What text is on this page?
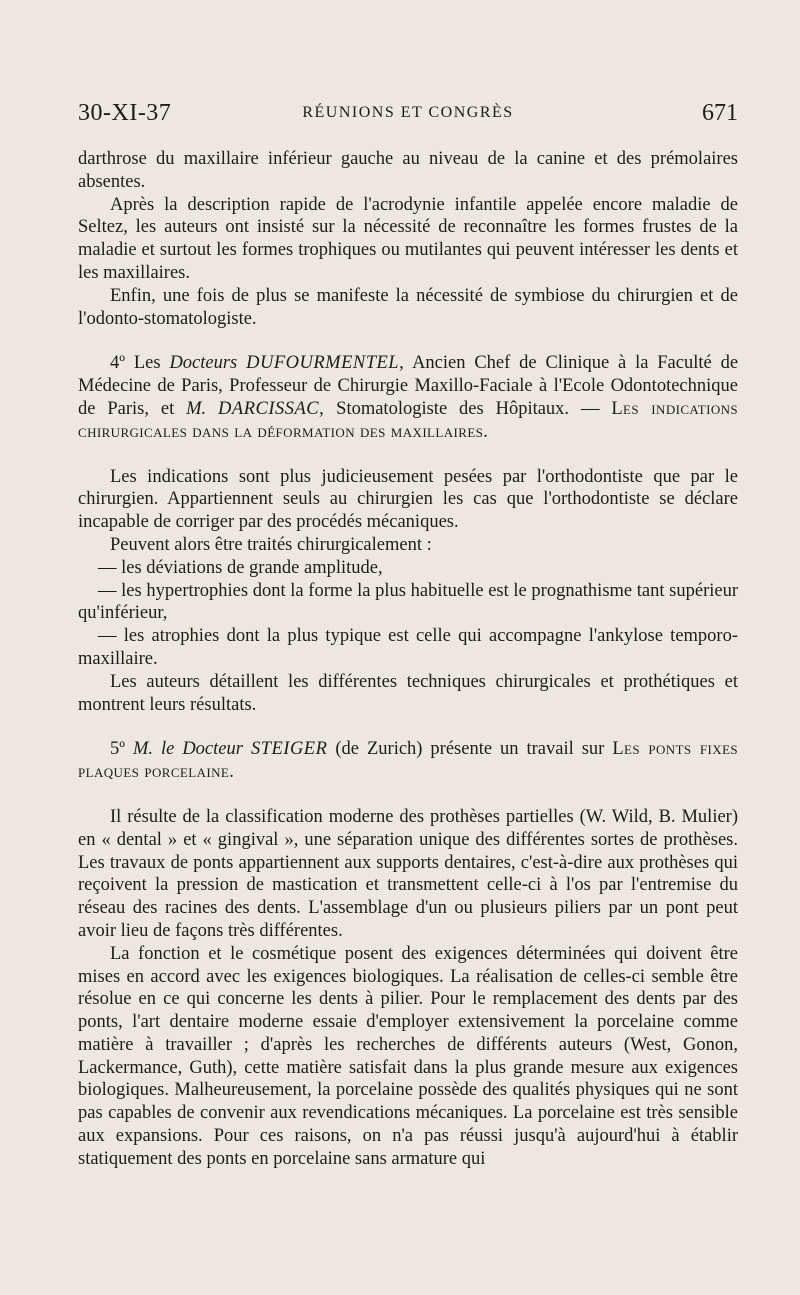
30-XI-37	RÉUNIONS ET CONGRÈS	671

darthrose du maxillaire inférieur gauche au niveau de la canine et des prémolaires absentes.

Après la description rapide de l'acrodynie infantile appelée encore maladie de Seltez, les auteurs ont insisté sur la nécessité de reconnaître les formes frustes de la maladie et surtout les formes trophiques ou mutilantes qui peuvent intéresser les dents et les maxillaires.

Enfin, une fois de plus se manifeste la nécessité de symbiose du chirurgien et de l'odonto-stomatologiste.

4º Les Docteurs DUFOURMENTEL, Ancien Chef de Clinique à la Faculté de Médecine de Paris, Professeur de Chirurgie Maxillo-Faciale à l'Ecole Odontotechnique de Paris, et M. DARCISSAC, Stomatologiste des Hôpitaux. — Les indications chirurgicales dans la déformation des maxillaires.

Les indications sont plus judicieusement pesées par l'orthodontiste que par le chirurgien. Appartiennent seuls au chirurgien les cas que l'orthodontiste se déclare incapable de corriger par des procédés mécaniques.

Peuvent alors être traités chirurgicalement :

— les déviations de grande amplitude,

— les hypertrophies dont la forme la plus habituelle est le prognathisme tant supérieur qu'inférieur,

— les atrophies dont la plus typique est celle qui accompagne l'ankylose temporo-maxillaire.

Les auteurs détaillent les différentes techniques chirurgicales et prothétiques et montrent leurs résultats.

5º M. le Docteur STEIGER (de Zurich) présente un travail sur Les ponts fixes plaques porcelaine.

Il résulte de la classification moderne des prothèses partielles (W. Wild, B. Mulier) en « dental » et « gingival », une séparation unique des différentes sortes de prothèses. Les travaux de ponts appartiennent aux supports dentaires, c'est-à-dire aux prothèses qui reçoivent la pression de mastication et transmettent celle-ci à l'os par l'entremise du réseau des racines des dents. L'assemblage d'un ou plusieurs piliers par un pont peut avoir lieu de façons très différentes.

La fonction et le cosmétique posent des exigences déterminées qui doivent être mises en accord avec les exigences biologiques. La réalisation de celles-ci semble être résolue en ce qui concerne les dents à pilier. Pour le remplacement des dents par des ponts, l'art dentaire moderne essaie d'employer extensivement la porcelaine comme matière à travailler ; d'après les recherches de différents auteurs (West, Gonon, Lackermance, Guth), cette matière satisfait dans la plus grande mesure aux exigences biologiques. Malheureusement, la porcelaine possède des qualités physiques qui ne sont pas capables de convenir aux revendications mécaniques. La porcelaine est très sensible aux expansions. Pour ces raisons, on n'a pas réussi jusqu'à aujourd'hui à établir statiquement des ponts en porcelaine sans armature qui
